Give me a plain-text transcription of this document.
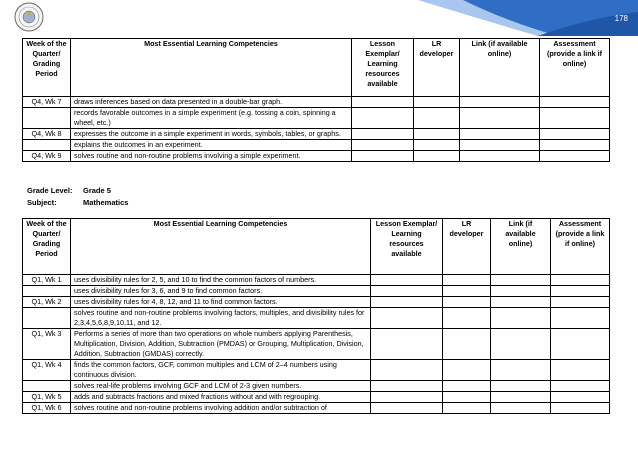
178
Week of the Quarter/ Grading Period	Most Essential Learning Competencies	Lesson Exemplar/ Learning resources available	LR developer	Link (if available online)	Assessment (provide a link if online)
Q4, Wk 7	draws inferences based on data presented in a double-bar graph.				
	records favorable outcomes in a simple experiment (e.g. tossing a coin, spinning a wheel, etc.)				
Q4, Wk 8	expresses the outcome in a simple experiment in words, symbols, tables, or graphs.				
	explains the outcomes in an experiment.				
Q4, Wk 9	solves routine and non-routine problems involving a simple experiment.				
Grade Level: Grade 5
Subject:	Mathematics
Week of the Quarter/ Grading Period	Most Essential Learning Competencies	Lesson Exemplar/ Learning resources available	LR developer	Link (if available online)	Assessment (provide a link if online)
Q1, Wk 1	uses divisibility rules for 2, 5, and 10 to find the common factors of numbers.				
	uses divisibility rules for 3, 6, and 9 to find common factors.				
Q1, Wk 2	uses divisibility rules for 4, 8, 12, and 11 to find common factors.				
	solves routine and non-routine problems involving factors, multiples, and divisibility rules for 2,3,4,5,6,8,9,10,11, and 12.				
Q1, Wk 3	Performs a series of more than two operations on whole numbers applying Parenthesis, Multiplication, Division, Addition, Subtraction (PMDAS) or Grouping, Multiplication, Division, Addition, Subtraction (GMDAS) correctly.				
Q1, Wk 4	finds the common factors, GCF, common multiples and LCM of 2–4 numbers using continuous division.				
	solves real-life problems involving GCF and LCM of 2-3 given numbers.				
Q1, Wk 5	adds and subtracts fractions and mixed fractions without and with regrouping.				
Q1, Wk 6	solves routine and non-routine problems involving addition and/or subtraction of				
